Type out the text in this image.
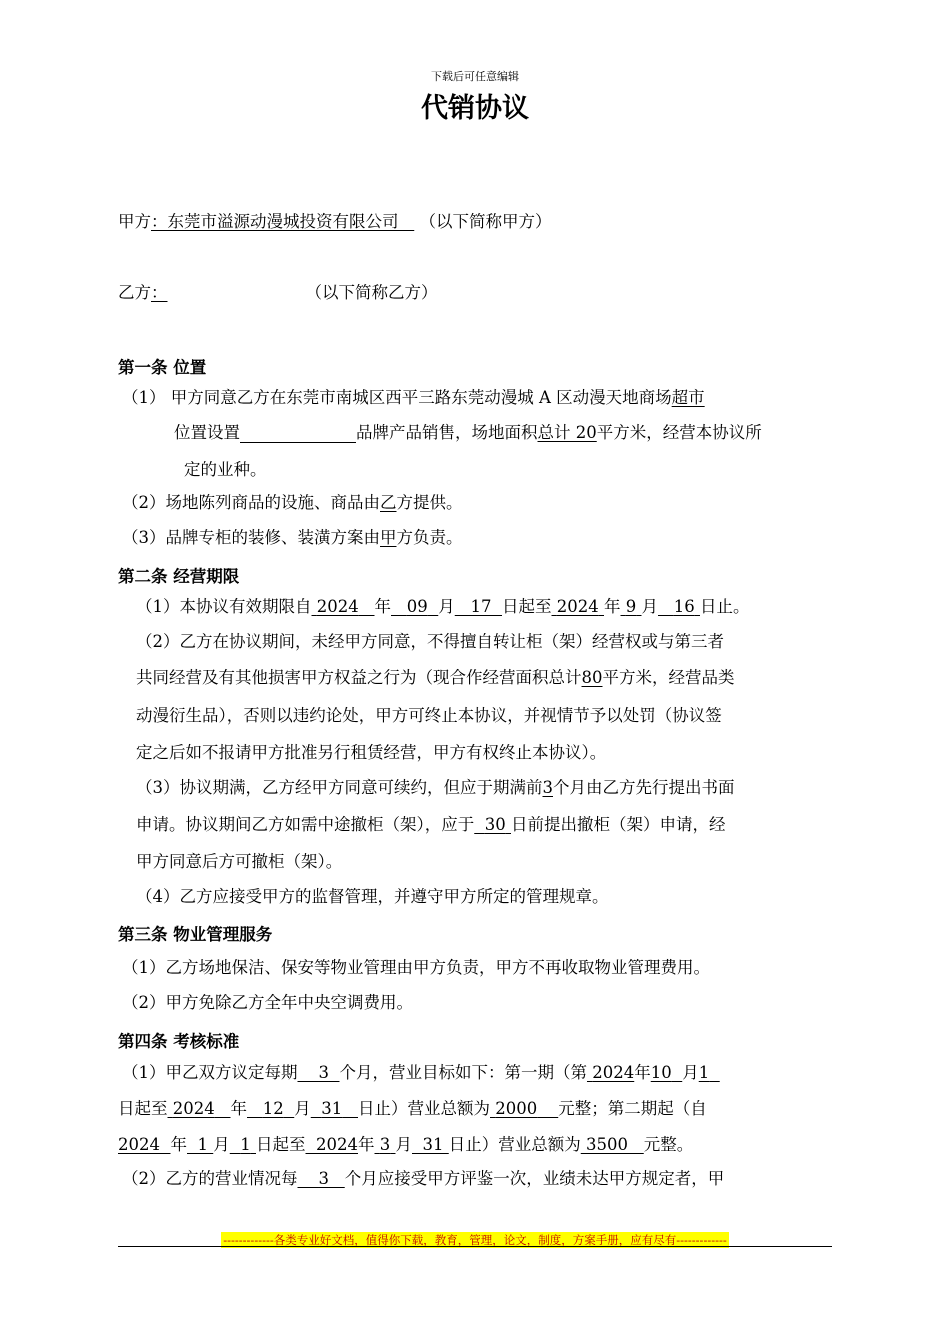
下载后可任意编辑
代销协议
甲方：东莞市溢源动漫城投资有限公司 （以下简称甲方）
乙方：	（以下简称乙方）
第一条 位置
（1） 甲方同意乙方在东莞市南城区西平三路东莞动漫城 A 区动漫天地商场超市
位置设置	品牌产品销售，场地面积总计 20平方米，经营本协议所
定的业种。
（2）场地陈列商品的设施、商品由乙方提供。
（3）品牌专柜的装修、装潢方案由甲方负责。
第二条 经营期限
（1）本协议有效期限自 2024 年 09 月 17 日起至 2024 年 9 月 16 日止。
（2）乙方在协议期间，未经甲方同意，不得擅自转让柜（架）经营权或与第三者
共同经营及有其他损害甲方权益之行为（现合作经营面积总计80平方米，经营品类
动漫衍生品），否则以违约论处，甲方可终止本协议，并视情节予以处罚（协议签
定之后如不报请甲方批准另行租赁经营，甲方有权终止本协议）。
（3）协议期满，乙方经甲方同意可续约，但应于期满前3个月由乙方先行提出书面
申请。协议期间乙方如需中途撤柜（架），应于 30 日前提出撤柜（架）申请，经
甲方同意后方可撤柜（架）。
（4）乙方应接受甲方的监督管理，并遵守甲方所定的管理规章。
第三条 物业管理服务
（1）乙方场地保洁、保安等物业管理由甲方负责，甲方不再收取物业管理费用。
（2）甲方免除乙方全年中央空调费用。
第四条 考核标准
（1）甲乙双方议定每期 3 个月，营业目标如下：第一期（第 2024年10 月1
日起至 2024 年 12 月 31 日止）营业总额为 2000 元整；第二期起（自
2024 年 1 月 1 日起至 2024年 3 月 31 日止）营业总额为 3500 元整。
（2）乙方的营业情况每 3 个月应接受甲方评鉴一次，业绩未达甲方规定者，甲
-------------各类专业好文档，值得你下载，教育，管理，论文，制度，方案手册，应有尽有-------------
